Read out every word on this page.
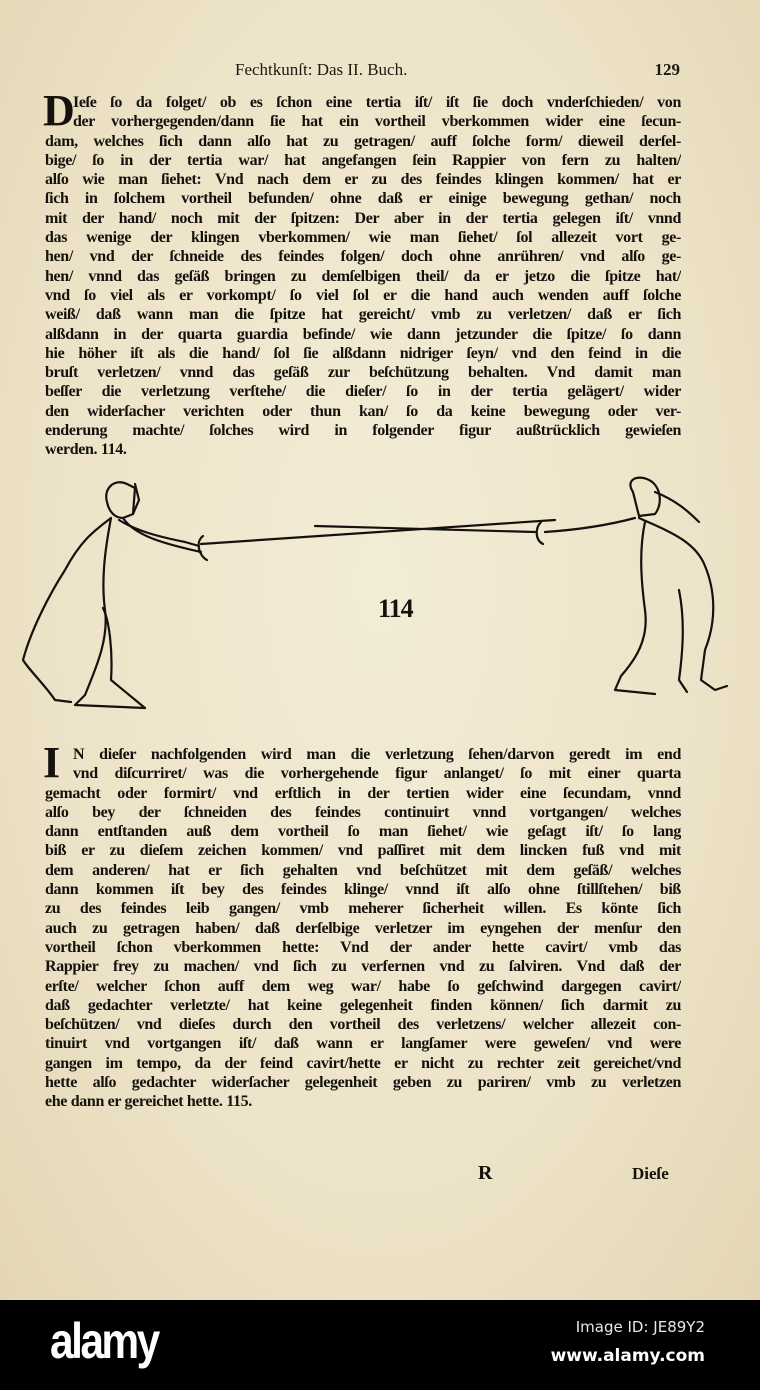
Fechtkunſt: Das II. Buch.	129
D
Ieſe ſo da folget/ ob es ſchon eine tertia iſt/ iſt ſie doch vnderſchieden/ von
der vorhergegenden/dann ſie hat ein vortheil vberkommen wider eine ſecun-
dam, welches ſich dann alſo hat zu getragen/ auff ſolche form/ dieweil derſel-
bige/ ſo in der tertia war/ hat angefangen ſein Rappier von fern zu halten/
alſo wie man ſiehet: Vnd nach dem er zu des feindes klingen kommen/ hat er
ſich in ſolchem vortheil befunden/ ohne daß er einige bewegung gethan/ noch
mit der hand/ noch mit der ſpitzen: Der aber in der tertia gelegen iſt/ vnnd
das wenige der klingen vberkommen/ wie man ſiehet/ ſol allezeit vort ge-
hen/ vnd der ſchneide des feindes folgen/ doch ohne anrühren/ vnd alſo ge-
hen/ vnnd das geſäß bringen zu demſelbigen theil/ da er jetzo die ſpitze hat/
vnd ſo viel als er vorkompt/ ſo viel ſol er die hand auch wenden auff ſolche
weiß/ daß wann man die ſpitze hat gereicht/ vmb zu verletzen/ daß er ſich
alßdann in der quarta guardia befinde/ wie dann jetzunder die ſpitze/ ſo dann
hie höher iſt als die hand/ ſol ſie alßdann nidriger ſeyn/ vnd den feind in die
bruſt verletzen/ vnnd das geſäß zur beſchützung behalten. Vnd damit man
beſſer die verletzung verſtehe/ die dieſer/ ſo in der tertia gelägert/ wider
den widerſacher verichten oder thun kan/ ſo da keine bewegung oder ver-
enderung machte/ ſolches wird in folgender figur außtrücklich gewieſen
werden. 114.
114
I N dieſer nachfolgenden wird man die verletzung ſehen/darvon geredt im end
vnd diſcurriret/ was die vorhergehende figur anlanget/ ſo mit einer quarta
gemacht oder formirt/ vnd erſtlich in der tertien wider eine ſecundam, vnnd
alſo bey der ſchneiden des feindes continuirt vnnd vortgangen/ welches
dann entſtanden auß dem vortheil ſo man ſiehet/ wie geſagt iſt/ ſo lang
biß er zu dieſem zeichen kommen/ vnd paſſiret mit dem lincken fuß vnd mit
dem anderen/ hat er ſich gehalten vnd beſchützet mit dem geſäß/ welches
dann kommen iſt bey des feindes klinge/ vnnd iſt alſo ohne ſtillſtehen/ biß
zu des feindes leib gangen/ vmb meherer ſicherheit willen. Es könte ſich
auch zu getragen haben/ daß derſelbige verletzer im eyngehen der menſur den
vortheil ſchon vberkommen hette: Vnd der ander hette cavirt/ vmb das
Rappier frey zu machen/ vnd ſich zu verfernen vnd zu ſalviren. Vnd daß der
erſte/ welcher ſchon auff dem weg war/ habe ſo geſchwind dargegen cavirt/
daß gedachter verletzte/ hat keine gelegenheit finden können/ ſich darmit zu
beſchützen/ vnd dieſes durch den vortheil des verletzens/ welcher allezeit con-
tinuirt vnd vortgangen iſt/ daß wann er langſamer were geweſen/ vnd were
gangen im tempo, da der feind cavirt/hette er nicht zu rechter zeit gereichet/vnd
hette alſo gedachter widerſacher gelegenheit geben zu pariren/ vmb zu verletzen
ehe dann er gereichet hette. 115.
R	Dieſe
alamy	Image ID: JE89Y2
www.alamy.com
